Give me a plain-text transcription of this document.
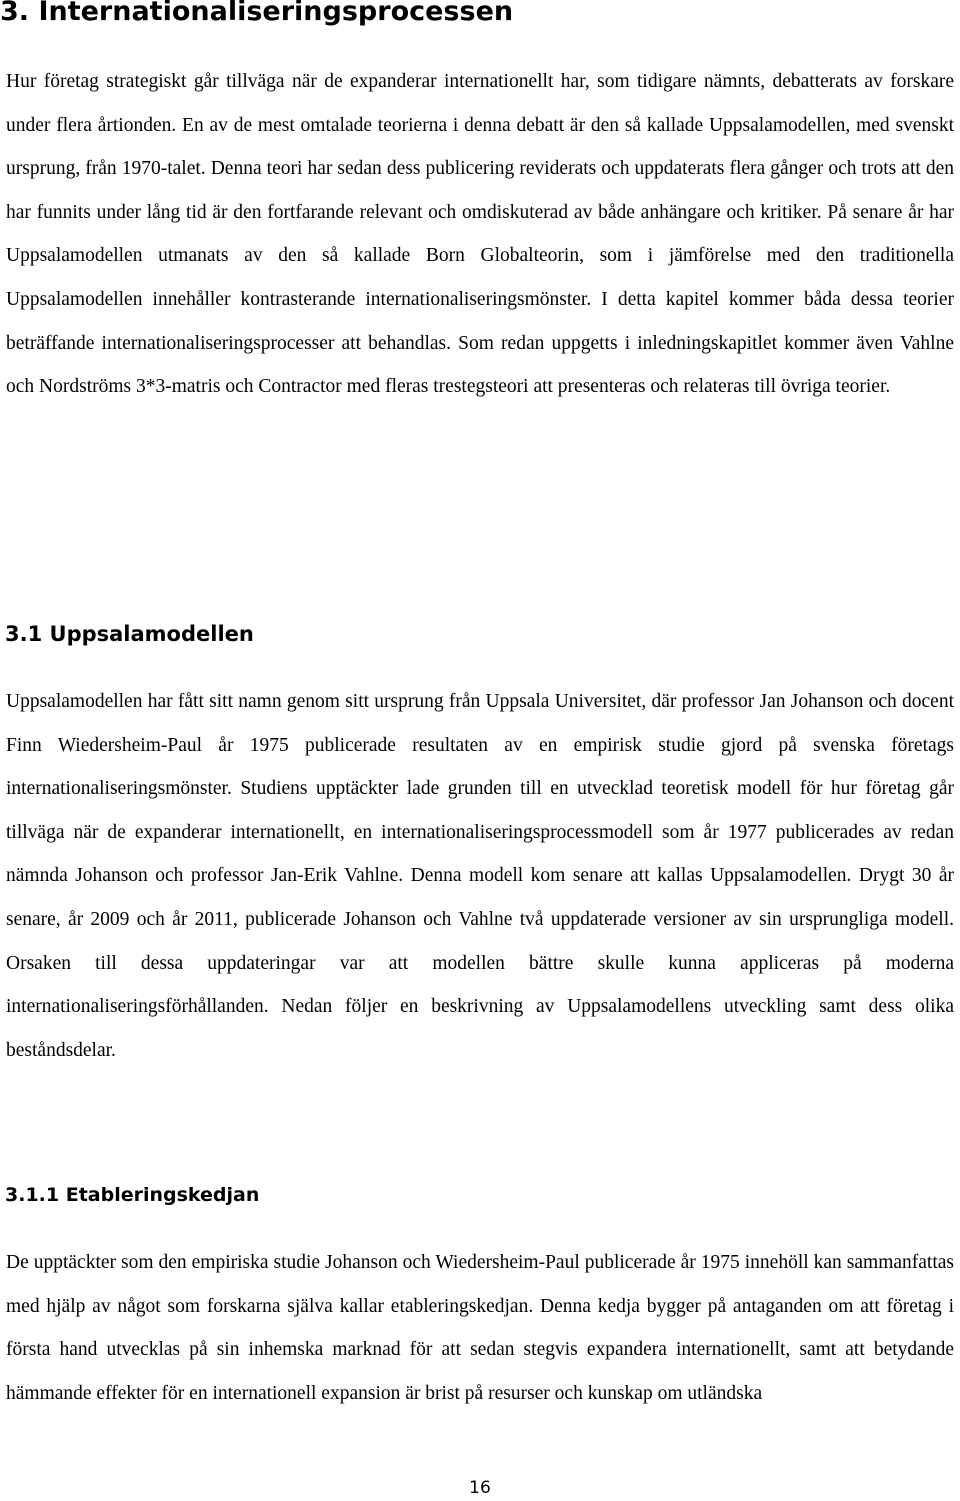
3. Internationaliseringsprocessen

Hur företag strategiskt går tillväga när de expanderar internationellt har, som tidigare nämnts, debatterats av forskare under flera årtionden. En av de mest omtalade teorierna i denna debatt är den så kallade Uppsalamodellen, med svenskt ursprung, från 1970-talet. Denna teori har sedan dess publicering reviderats och uppdaterats flera gånger och trots att den har funnits under lång tid är den fortfarande relevant och omdiskuterad av både anhängare och kritiker. På senare år har Uppsalamodellen utmanats av den så kallade Born Globalteorin, som i jämförelse med den traditionella Uppsalamodellen innehåller kontrasterande internationaliseringsmönster. I detta kapitel kommer båda dessa teorier beträffande internationaliseringsprocesser att behandlas. Som redan uppgetts i inledningskapitlet kommer även Vahlne och Nordströms 3*3-matris och Contractor med fleras trestegsteori att presenteras och relateras till övriga teorier.

3.1 Uppsalamodellen

Uppsalamodellen har fått sitt namn genom sitt ursprung från Uppsala Universitet, där professor Jan Johanson och docent Finn Wiedersheim-Paul år 1975 publicerade resultaten av en empirisk studie gjord på svenska företags internationaliseringsmönster. Studiens upptäckter lade grunden till en utvecklad teoretisk modell för hur företag går tillväga när de expanderar internationellt, en internationaliseringsprocessmodell som år 1977 publicerades av redan nämnda Johanson och professor Jan-Erik Vahlne. Denna modell kom senare att kallas Uppsalamodellen. Drygt 30 år senare, år 2009 och år 2011, publicerade Johanson och Vahlne två uppdaterade versioner av sin ursprungliga modell. Orsaken till dessa uppdateringar var att modellen bättre skulle kunna appliceras på moderna internationaliseringsförhållanden. Nedan följer en beskrivning av Uppsalamodellens utveckling samt dess olika beståndsdelar.

3.1.1 Etableringskedjan

De upptäckter som den empiriska studie Johanson och Wiedersheim-Paul publicerade år 1975 innehöll kan sammanfattas med hjälp av något som forskarna själva kallar etableringskedjan. Denna kedja bygger på antaganden om att företag i första hand utvecklas på sin inhemska marknad för att sedan stegvis expandera internationellt, samt att betydande hämmande effekter för en internationell expansion är brist på resurser och kunskap om utländska

16
